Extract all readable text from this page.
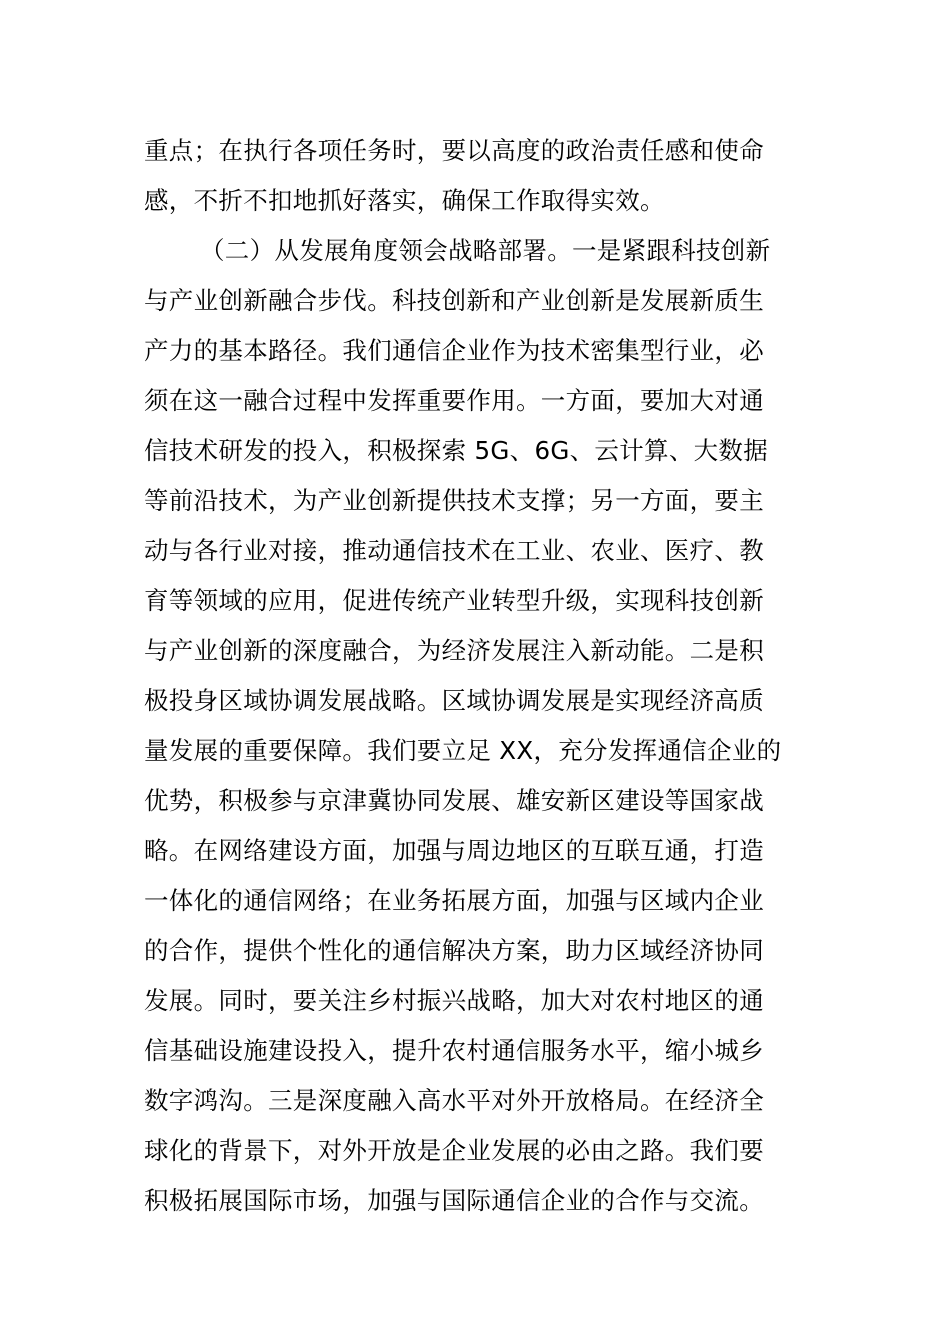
重点；在执行各项任务时，要以高度的政治责任感和使命
感，不折不扣地抓好落实，确保工作取得实效。
（二）从发展角度领会战略部署。一是紧跟科技创新
与产业创新融合步伐。科技创新和产业创新是发展新质生
产力的基本路径。我们通信企业作为技术密集型行业，必
须在这一融合过程中发挥重要作用。一方面，要加大对通
信技术研发的投入，积极探索 5G、6G、云计算、大数据
等前沿技术，为产业创新提供技术支撑；另一方面，要主
动与各行业对接，推动通信技术在工业、农业、医疗、教
育等领域的应用，促进传统产业转型升级，实现科技创新
与产业创新的深度融合，为经济发展注入新动能。二是积
极投身区域协调发展战略。区域协调发展是实现经济高质
量发展的重要保障。我们要立足 XX，充分发挥通信企业的
优势，积极参与京津冀协同发展、雄安新区建设等国家战
略。在网络建设方面，加强与周边地区的互联互通，打造
一体化的通信网络；在业务拓展方面，加强与区域内企业
的合作，提供个性化的通信解决方案，助力区域经济协同
发展。同时，要关注乡村振兴战略，加大对农村地区的通
信基础设施建设投入，提升农村通信服务水平，缩小城乡
数字鸿沟。三是深度融入高水平对外开放格局。在经济全
球化的背景下，对外开放是企业发展的必由之路。我们要
积极拓展国际市场，加强与国际通信企业的合作与交流。
